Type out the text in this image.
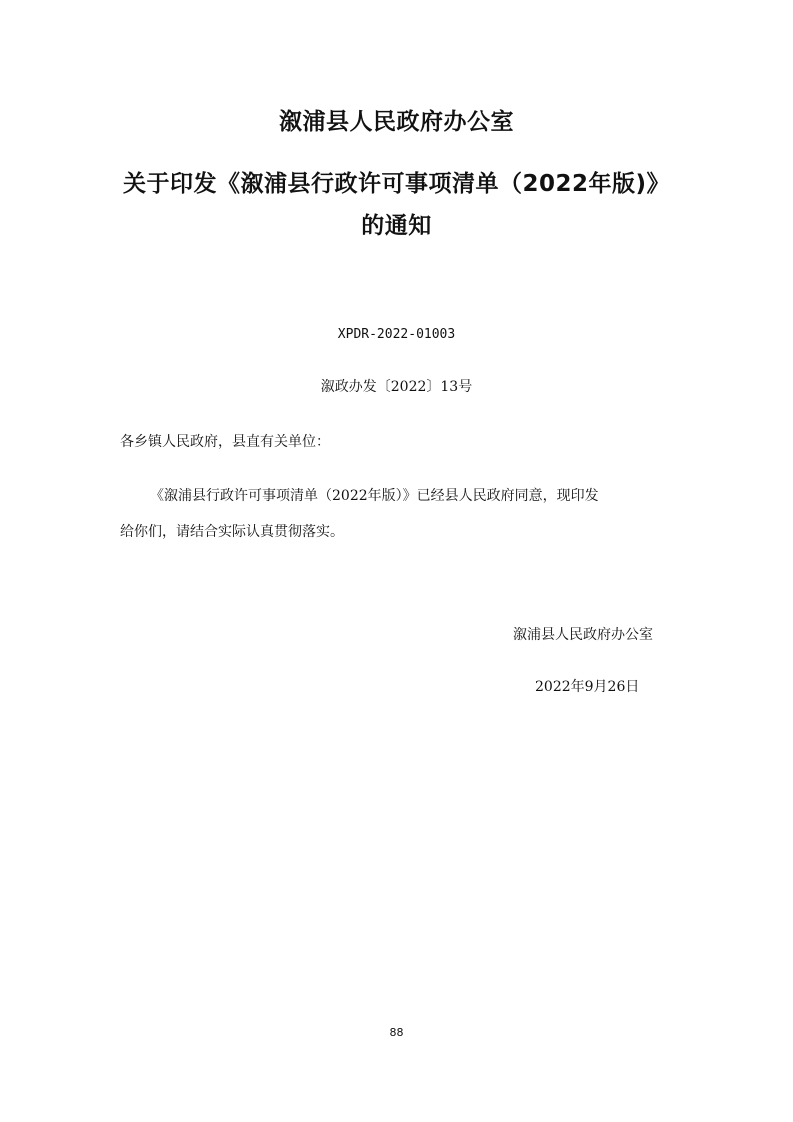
溆浦县人民政府办公室
关于印发《溆浦县行政许可事项清单（2022年版)》
的通知
XPDR-2022-01003
溆政办发〔2022〕13号
各乡镇人民政府，县直有关单位：
《溆浦县行政许可事项清单（2022年版）》已经县人民政府同意，现印发
给你们，请结合实际认真贯彻落实。
溆浦县人民政府办公室
2022年9月26日
88
